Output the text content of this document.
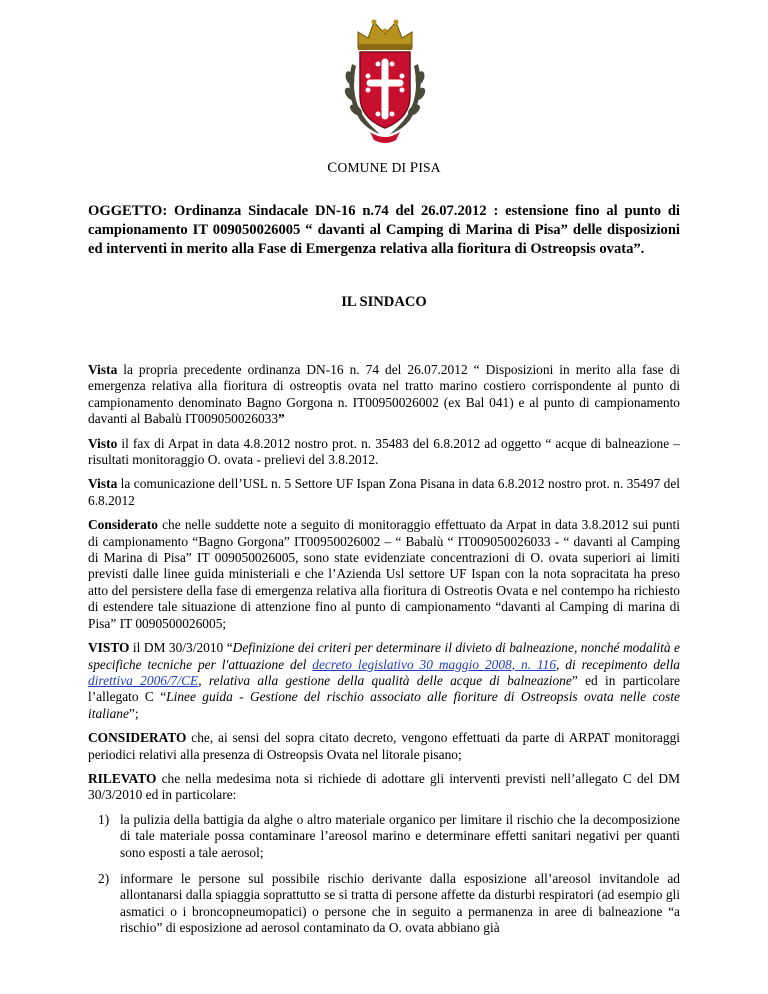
COMUNE DI PISA

OGGETTO: Ordinanza Sindacale DN-16 n.74 del 26.07.2012 : estensione fino al punto di campionamento IT 009050026005 “ davanti al Camping di Marina di Pisa” delle disposizioni ed interventi in merito alla Fase di Emergenza relativa alla fioritura di Ostreopsis ovata”.

IL SINDACO

Vista la propria precedente ordinanza DN-16 n. 74 del 26.07.2012 “ Disposizioni in merito alla fase di emergenza relativa alla fioritura di ostreoptis ovata nel tratto marino costiero corrispondente al punto di campionamento denominato Bagno Gorgona n. IT00950026002 (ex Bal 041) e al punto di campionamento davanti al Babalù IT009050026033”

Visto il fax di Arpat in data 4.8.2012 nostro prot. n. 35483 del 6.8.2012 ad oggetto “ acque di balneazione – risultati monitoraggio O. ovata - prelievi del 3.8.2012.

Vista la comunicazione dell’USL n. 5 Settore UF Ispan Zona Pisana in data 6.8.2012 nostro prot. n. 35497 del 6.8.2012

Considerato che nelle suddette note a seguito di monitoraggio effettuato da Arpat in data 3.8.2012 sui punti di campionamento “Bagno Gorgona” IT00950026002 – “ Babalù “ IT009050026033 - “ davanti al Camping di Marina di Pisa” IT 009050026005, sono state evidenziate concentrazioni di O. ovata superiori ai limiti previsti dalle linee guida ministeriali e che l’Azienda Usl settore UF Ispan con la nota sopracitata ha preso atto del persistere della fase di emergenza relativa alla fioritura di Ostreotis Ovata e nel contempo ha richiesto di estendere tale situazione di attenzione fino al punto di campionamento “davanti al Camping di marina di Pisa” IT 0090500026005;

VISTO il DM 30/3/2010 “Definizione dei criteri per determinare il divieto di balneazione, nonché modalità e specifiche tecniche per l'attuazione del decreto legislativo 30 maggio 2008, n. 116, di recepimento della direttiva 2006/7/CE, relativa alla gestione della qualità delle acque di balneazione” ed in particolare l’allegato C “Linee guida - Gestione del rischio associato alle fioriture di Ostreopsis ovata nelle coste italiane”;

CONSIDERATO che, ai sensi del sopra citato decreto, vengono effettuati da parte di ARPAT monitoraggi periodici relativi alla presenza di Ostreopsis Ovata nel litorale pisano;

RILEVATO che nella medesima nota si richiede di adottare gli interventi previsti nell’allegato C del DM 30/3/2010 ed in particolare:

1) la pulizia della battigia da alghe o altro materiale organico per limitare il rischio che la decomposizione di tale materiale possa contaminare l’areosol marino e determinare effetti sanitari negativi per quanti sono esposti a tale aerosol;
2) informare le persone sul possibile rischio derivante dalla esposizione all’areosol invitandole ad allontanarsi dalla spiaggia soprattutto se si tratta di persone affette da disturbi respiratori (ad esempio gli asmatici o i broncopneumopatici) o persone che in seguito a permanenza in aree di balneazione “a rischio” di esposizione ad aerosol contaminato da O. ovata abbiano già
